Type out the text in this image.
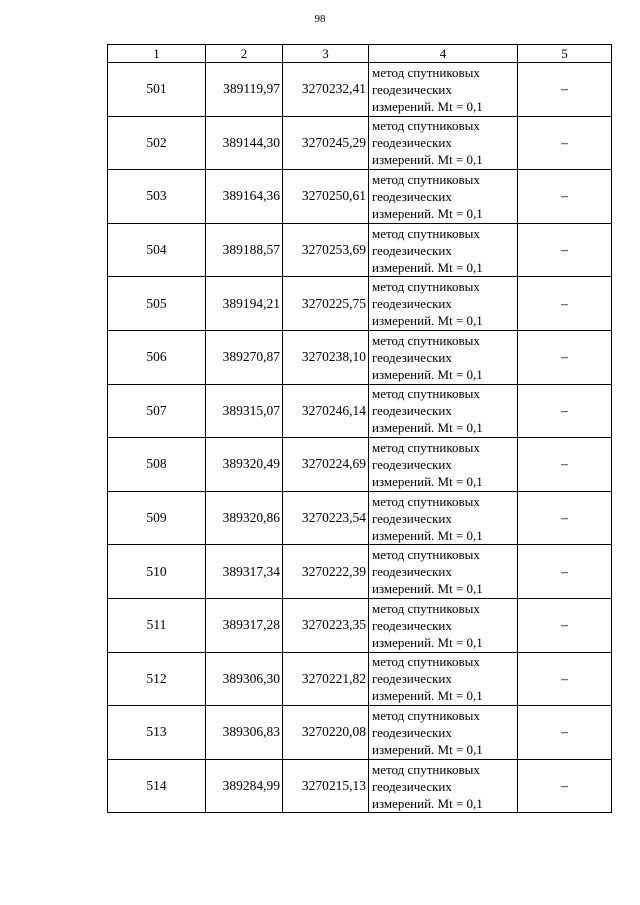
98
1	2	3	4	5
501	389119,97	3270232,41	метод спутниковых
геодезических
измерений. Mt = 0,1	–
502	389144,30	3270245,29	метод спутниковых
геодезических
измерений. Mt = 0,1	–
503	389164,36	3270250,61	метод спутниковых
геодезических
измерений. Mt = 0,1	–
504	389188,57	3270253,69	метод спутниковых
геодезических
измерений. Mt = 0,1	–
505	389194,21	3270225,75	метод спутниковых
геодезических
измерений. Mt = 0,1	–
506	389270,87	3270238,10	метод спутниковых
геодезических
измерений. Mt = 0,1	–
507	389315,07	3270246,14	метод спутниковых
геодезических
измерений. Mt = 0,1	–
508	389320,49	3270224,69	метод спутниковых
геодезических
измерений. Mt = 0,1	–
509	389320,86	3270223,54	метод спутниковых
геодезических
измерений. Mt = 0,1	–
510	389317,34	3270222,39	метод спутниковых
геодезических
измерений. Mt = 0,1	–
511	389317,28	3270223,35	метод спутниковых
геодезических
измерений. Mt = 0,1	–
512	389306,30	3270221,82	метод спутниковых
геодезических
измерений. Mt = 0,1	–
513	389306,83	3270220,08	метод спутниковых
геодезических
измерений. Mt = 0,1	–
514	389284,99	3270215,13	метод спутниковых
геодезических
измерений. Mt = 0,1	–
